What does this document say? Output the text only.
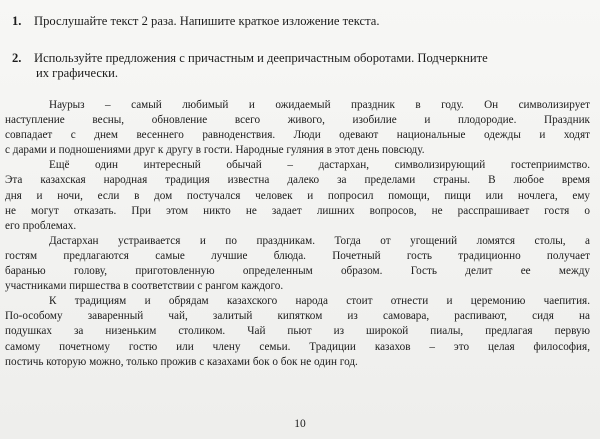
1. Прослушайте текст 2 раза. Напишите краткое изложение текста.
2. Используйте предложения с причастным и деепричастным оборотами. Подчеркните
их графически.
Наурыз – самый любимый и ожидаемый праздник в году. Он символизирует
наступление весны, обновление всего живого, изобилие и плодородие. Праздник
совпадает с днем весеннего равноденствия. Люди одевают национальные одежды и ходят
с дарами и подношениями друг к другу в гости. Народные гуляния в этот день повсюду.
Ещё один интересный обычай – дастархан, символизирующий гостеприимство.
Эта казахская народная традиция известна далеко за пределами страны. В любое время
дня и ночи, если в дом постучался человек и попросил помощи, пищи или ночлега, ему
не могут отказать. При этом никто не задает лишних вопросов, не расспрашивает гостя о
его проблемах.
Дастархан устраивается и по праздникам. Тогда от угощений ломятся столы, а
гостям предлагаются самые лучшие блюда. Почетный гость традиционно получает
баранью голову, приготовленную определенным образом. Гость делит ее между
участниками пиршества в соответствии с рангом каждого.
К традициям и обрядам казахского народа стоит отнести и церемонию чаепития.
По-особому заваренный чай, залитый кипятком из самовара, распивают, сидя на
подушках за низеньким столиком. Чай пьют из широкой пиалы, предлагая первую
самому почетному гостю или члену семьи. Традиции казахов – это целая философия,
постичь которую можно, только прожив с казахами бок о бок не один год.
10
